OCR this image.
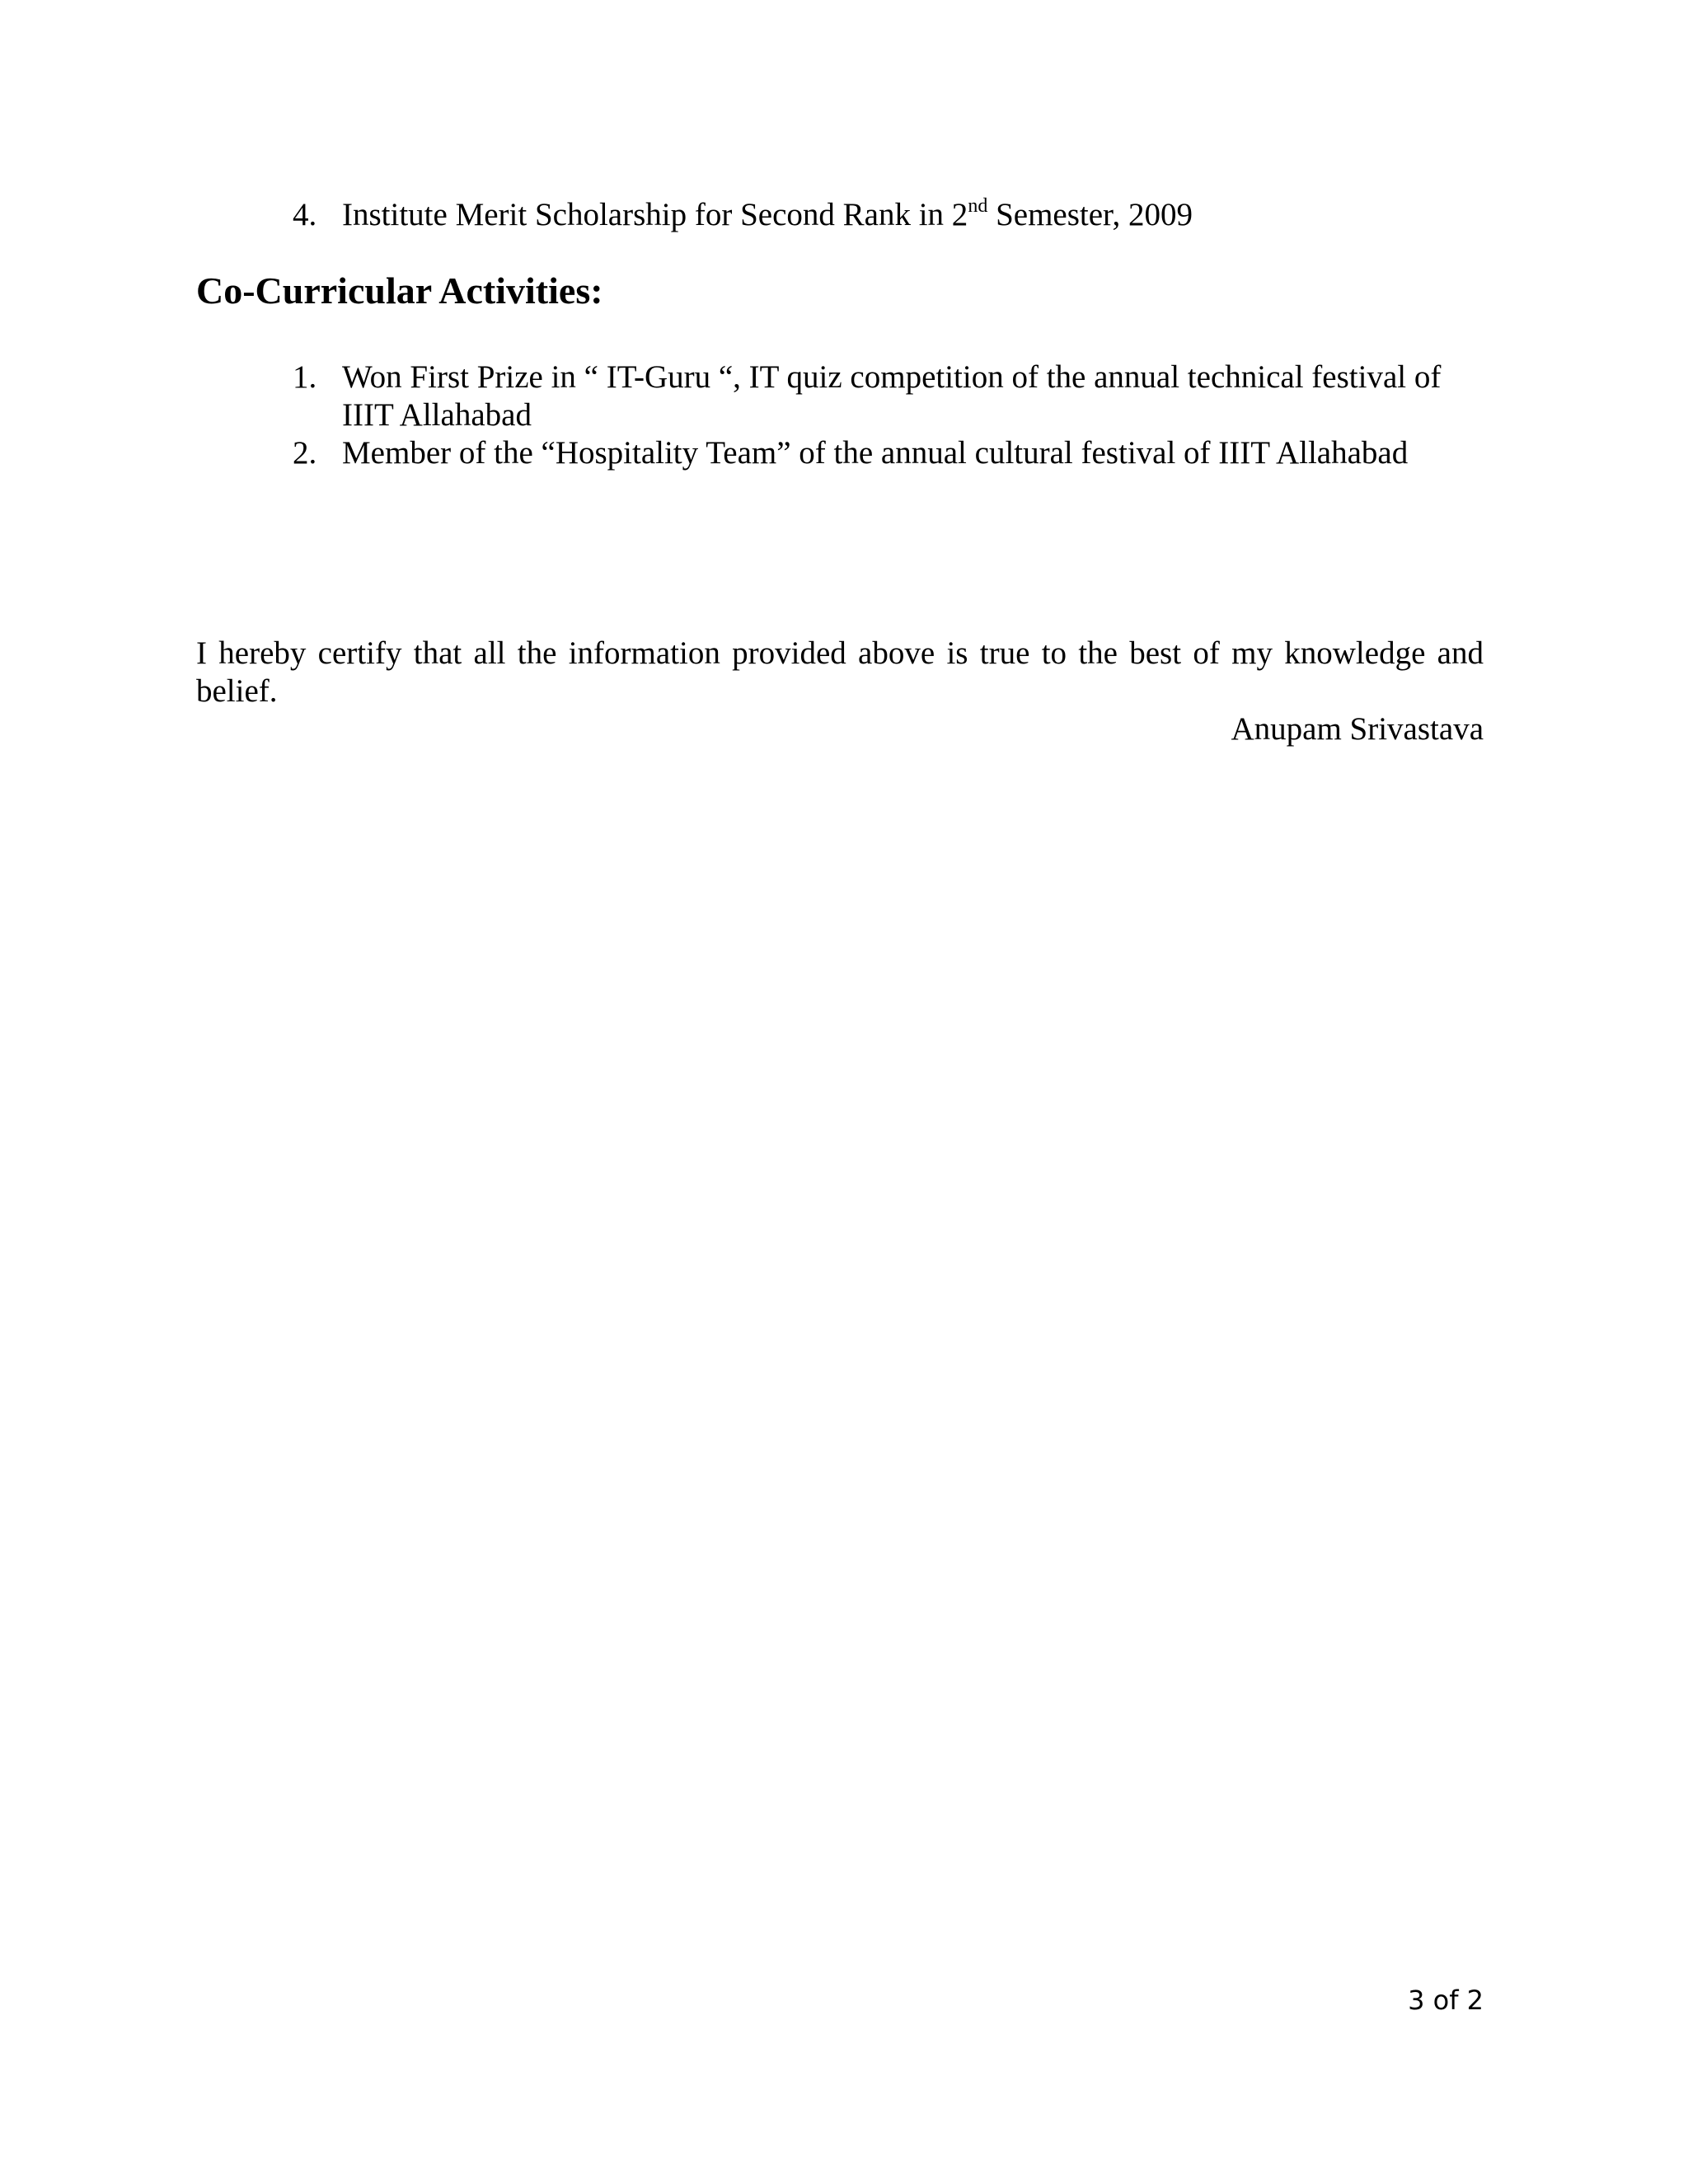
4. Institute Merit Scholarship for Second Rank in 2nd Semester, 2009
Co-Curricular Activities:
1. Won First Prize in “ IT-Guru “, IT quiz competition of the annual technical festival of
IIIT Allahabad
2. Member of the “Hospitality Team” of the annual cultural festival of IIIT Allahabad
I hereby certify that all the information provided above is true to the best of my knowledge and belief.
Anupam Srivastava
3 of 2
